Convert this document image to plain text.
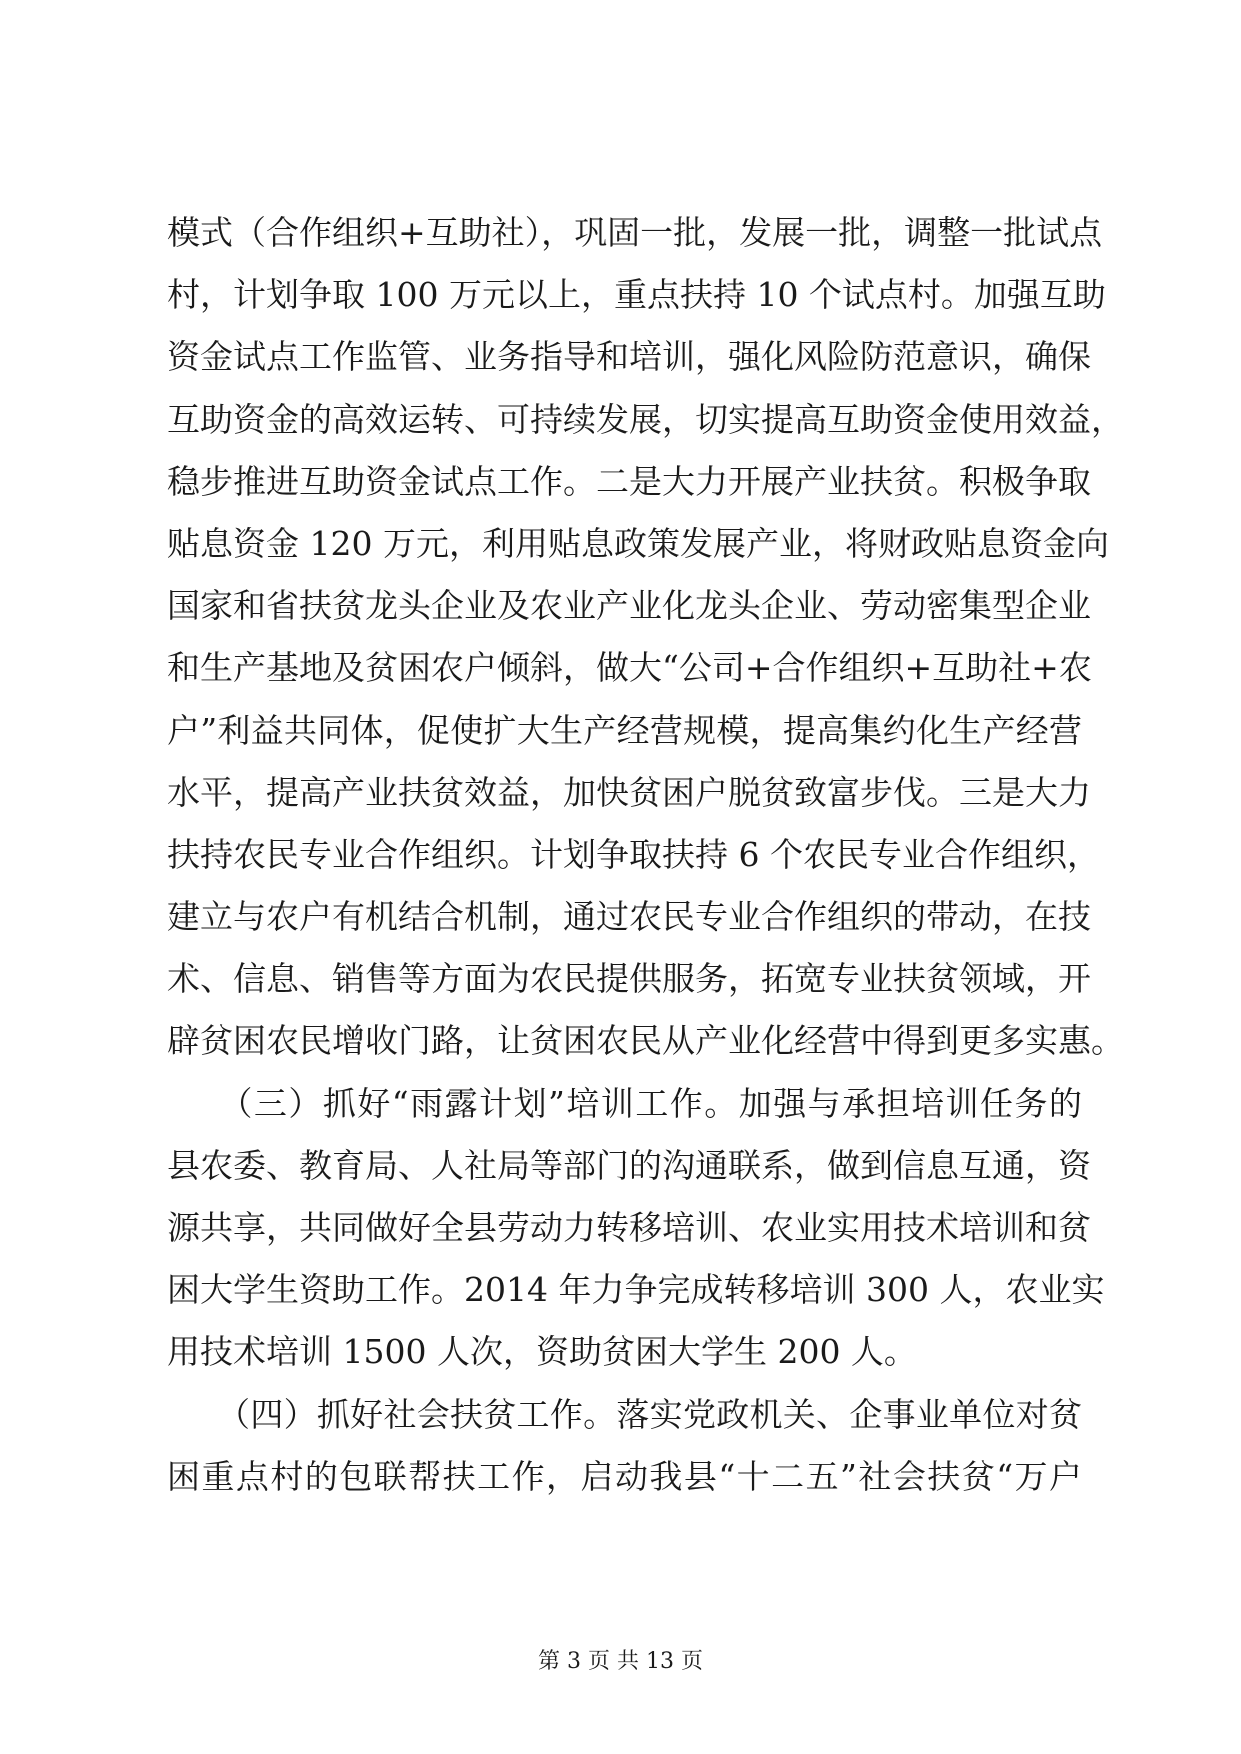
模式（合作组织+互助社），巩固一批，发展一批，调整一批试点
村，计划争取 100 万元以上，重点扶持 10 个试点村。加强互助
资金试点工作监管、业务指导和培训，强化风险防范意识，确保
互助资金的高效运转、可持续发展，切实提高互助资金使用效益，
稳步推进互助资金试点工作。二是大力开展产业扶贫。积极争取
贴息资金 120 万元，利用贴息政策发展产业，将财政贴息资金向
国家和省扶贫龙头企业及农业产业化龙头企业、劳动密集型企业
和生产基地及贫困农户倾斜，做大“公司+合作组织+互助社+农
户”利益共同体，促使扩大生产经营规模，提高集约化生产经营
水平，提高产业扶贫效益，加快贫困户脱贫致富步伐。三是大力
扶持农民专业合作组织。计划争取扶持 6 个农民专业合作组织，
建立与农户有机结合机制，通过农民专业合作组织的带动，在技
术、信息、销售等方面为农民提供服务，拓宽专业扶贫领域，开
辟贫困农民增收门路，让贫困农民从产业化经营中得到更多实惠。
　　（三）抓好“雨露计划”培训工作。加强与承担培训任务的
县农委、教育局、人社局等部门的沟通联系，做到信息互通，资
源共享，共同做好全县劳动力转移培训、农业实用技术培训和贫
困大学生资助工作。2014 年力争完成转移培训 300 人，农业实
用技术培训 1500 人次，资助贫困大学生 200 人。
　　（四）抓好社会扶贫工作。落实党政机关、企事业单位对贫
困重点村的包联帮扶工作，启动我县“十二五”社会扶贫“万户
第 3 页 共 13 页
